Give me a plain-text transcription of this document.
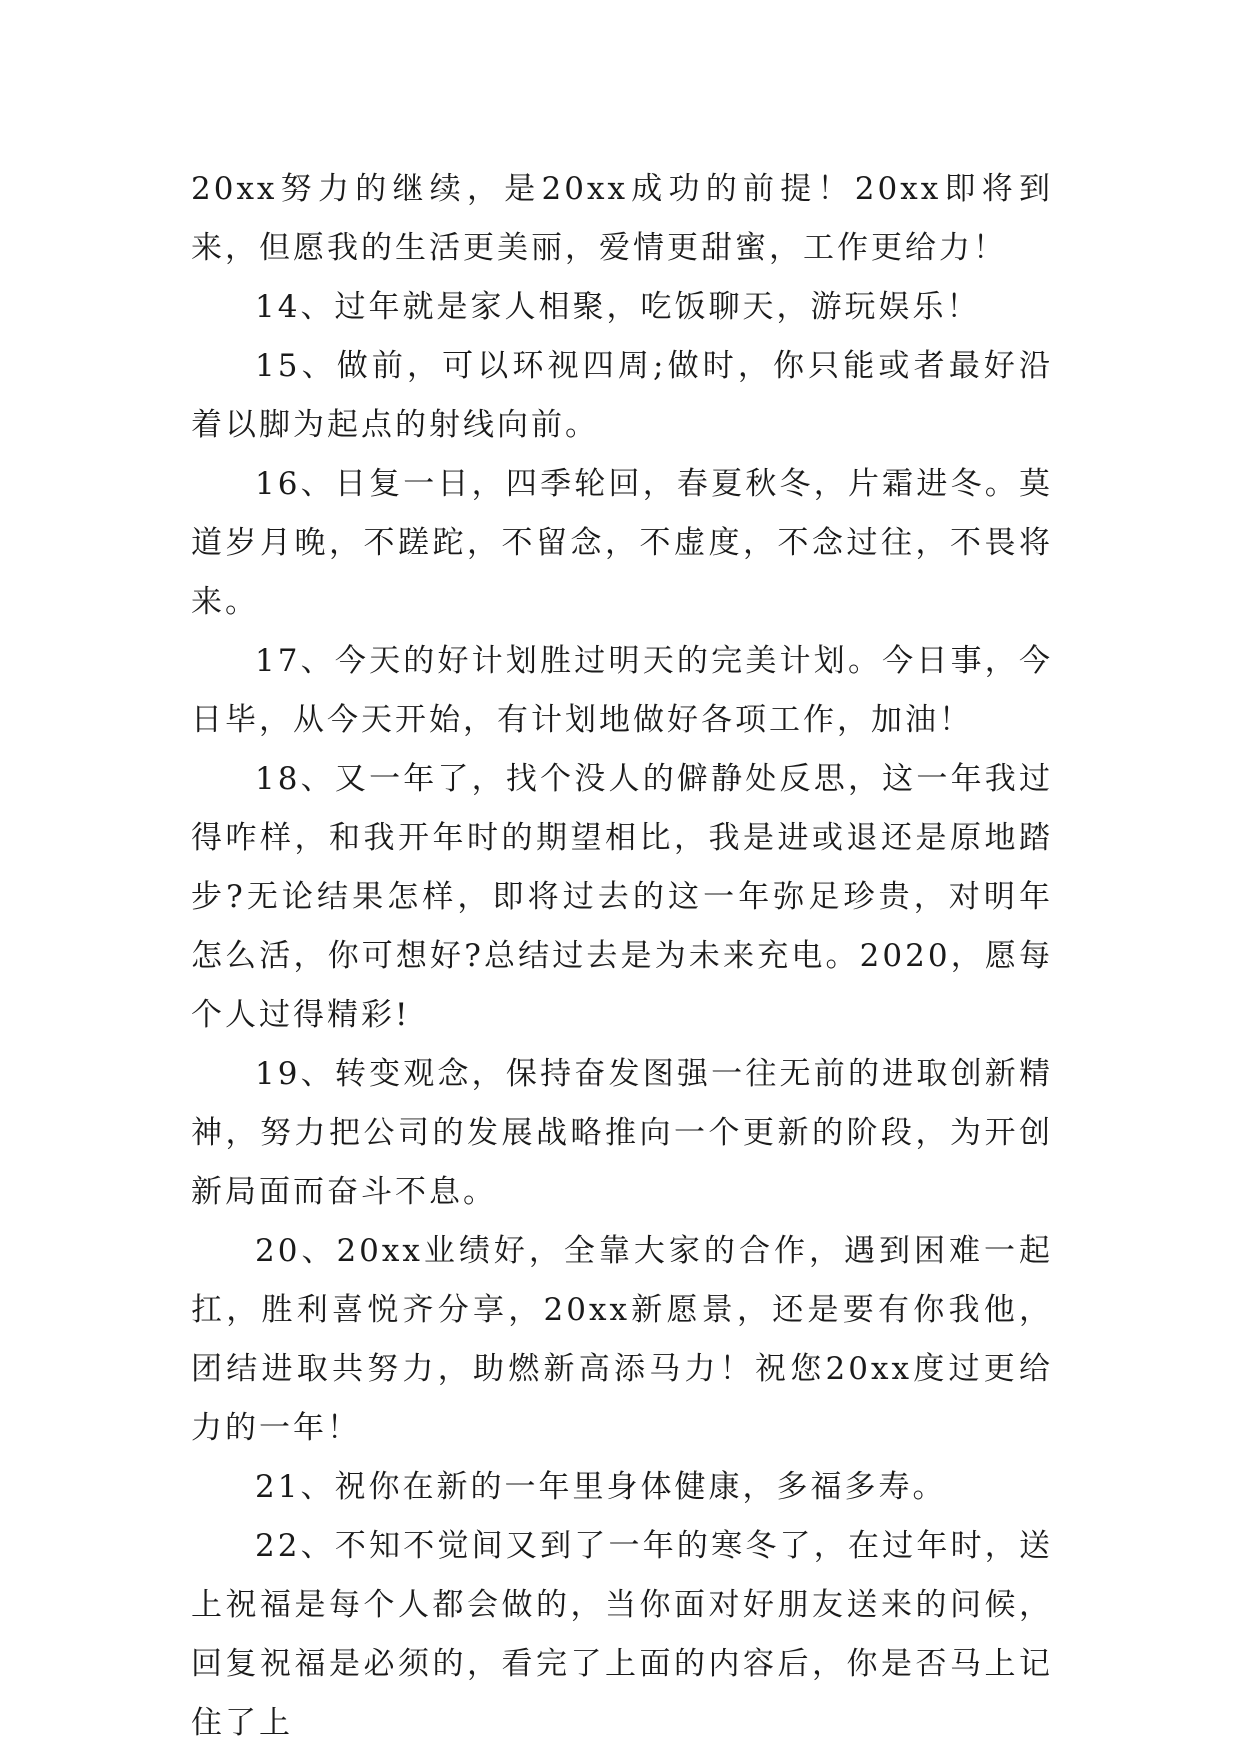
20xx努力的继续，是20xx成功的前提！20xx即将到来，但愿我的生活更美丽，爱情更甜蜜，工作更给力！

14、过年就是家人相聚，吃饭聊天，游玩娱乐！

15、做前，可以环视四周;做时，你只能或者最好沿着以脚为起点的射线向前。

16、日复一日，四季轮回，春夏秋冬，片霜进冬。莫道岁月晚，不蹉跎，不留念，不虚度，不念过往，不畏将来。

17、今天的好计划胜过明天的完美计划。今日事，今日毕，从今天开始，有计划地做好各项工作，加油！

18、又一年了，找个没人的僻静处反思，这一年我过得咋样，和我开年时的期望相比，我是进或退还是原地踏步?无论结果怎样，即将过去的这一年弥足珍贵，对明年怎么活，你可想好?总结过去是为未来充电。2020，愿每个人过得精彩!

19、转变观念，保持奋发图强一往无前的进取创新精神，努力把公司的发展战略推向一个更新的阶段，为开创新局面而奋斗不息。

20、20xx业绩好，全靠大家的合作，遇到困难一起扛，胜利喜悦齐分享，20xx新愿景，还是要有你我他，团结进取共努力，助燃新高添马力！祝您20xx度过更给力的一年！

21、祝你在新的一年里身体健康，多福多寿。

22、不知不觉间又到了一年的寒冬了，在过年时，送上祝福是每个人都会做的，当你面对好朋友送来的问候，回复祝福是必须的，看完了上面的内容后，你是否马上记住了上
